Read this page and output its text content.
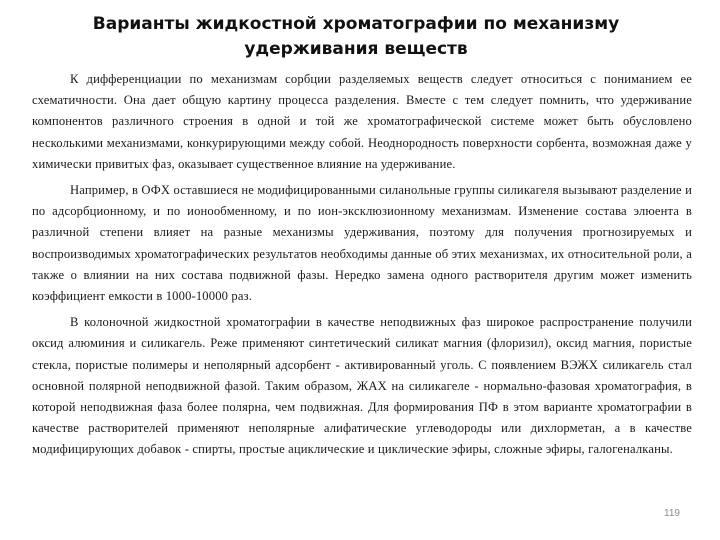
Варианты жидкостной хроматографии по механизму удерживания веществ

К дифференциации по механизмам сорбции разделяемых веществ следует относиться с пониманием ее схематичности. Она дает общую картину процесса разделения. Вместе с тем следует помнить, что удерживание компонентов различного строения в одной и той же хроматографической системе может быть обусловлено несколькими механизмами, конкурирующими между собой. Неоднородность поверхности сорбента, возможная даже у химически привитых фаз, оказывает существенное влияние на удерживание.

Например, в ОФХ оставшиеся не модифицированными силанольные группы силикагеля вызывают разделение и по адсорбционному, и по ионообменному, и по ион-эксклюзионному механизмам. Изменение состава элюента в различной степени влияет на разные механизмы удерживания, поэтому для получения прогнозируемых и воспроизводимых хроматографических результатов необходимы данные об этих механизмах, их относительной роли, а также о влиянии на них состава подвижной фазы. Нередко замена одного растворителя другим может изменить коэффициент емкости в 1000-10000 раз.

В колоночной жидкостной хроматографии в качестве неподвижных фаз широкое распространение получили оксид алюминия и силикагель. Реже применяют синтетический силикат магния (флоризил), оксид магния, пористые стекла, пористые полимеры и неполярный адсорбент - активированный уголь. С появлением ВЭЖХ силикагель стал основной полярной неподвижной фазой. Таким образом, ЖАХ на силикагеле - нормально-фазовая хроматография, в которой неподвижная фаза более полярна, чем подвижная. Для формирования ПФ в этом варианте хроматографии в качестве растворителей применяют неполярные алифатические углеводороды или дихлорметан, а в качестве модифицирующих добавок - спирты, простые ациклические и циклические эфиры, сложные эфиры, галогеналканы.

119
